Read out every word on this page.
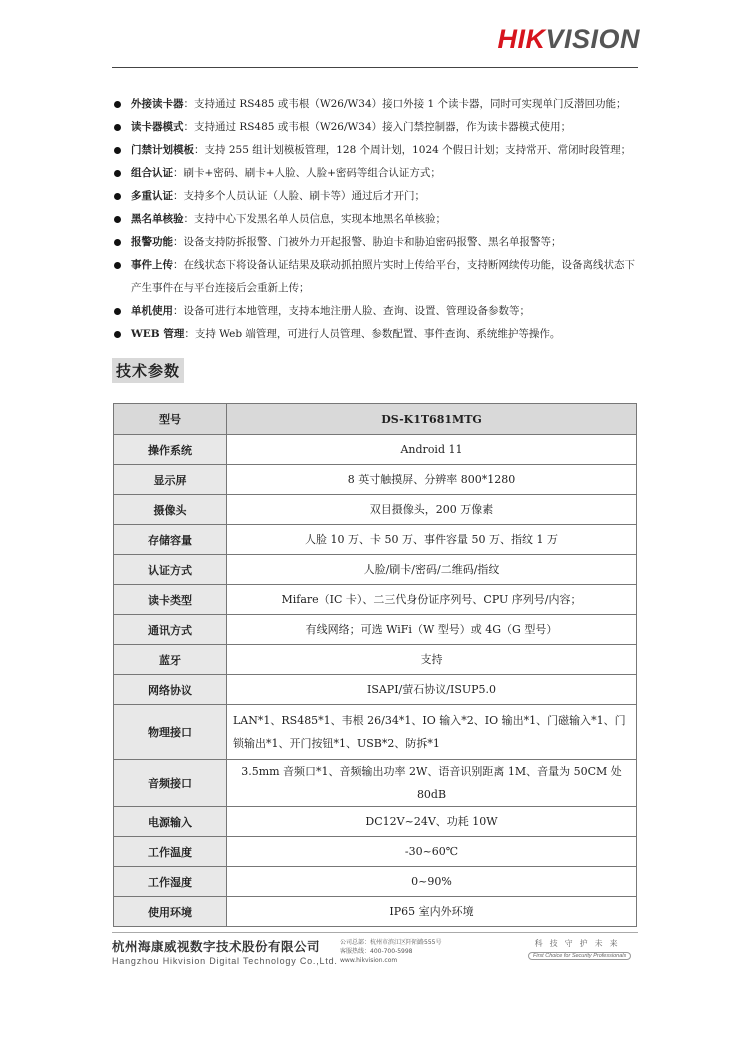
HIKVISION
外接读卡器：支持通过 RS485 或韦根（W26/W34）接口外接 1 个读卡器，同时可实现单门反潜回功能；
读卡器模式：支持通过 RS485 或韦根（W26/W34）接入门禁控制器，作为读卡器模式使用；
门禁计划模板：支持 255 组计划模板管理，128 个周计划，1024 个假日计划；支持常开、常闭时段管理；
组合认证：刷卡+密码、刷卡+人脸、人脸+密码等组合认证方式；
多重认证：支持多个人员认证（人脸、刷卡等）通过后才开门；
黑名单核验：支持中心下发黑名单人员信息，实现本地黑名单核验；
报警功能：设备支持防拆报警、门被外力开起报警、胁迫卡和胁迫密码报警、黑名单报警等；
事件上传：在线状态下将设备认证结果及联动抓拍照片实时上传给平台，支持断网续传功能，设备离线状态下产生事件在与平台连接后会重新上传；
单机使用：设备可进行本地管理，支持本地注册人脸、查询、设置、管理设备参数等；
WEB 管理：支持 Web 端管理，可进行人员管理、参数配置、事件查询、系统维护等操作。
技术参数
型号	DS-K1T681MTG
操作系统	Android 11
显示屏	8 英寸触摸屏、分辨率 800*1280
摄像头	双目摄像头，200 万像素
存储容量	人脸 10 万、卡 50 万、事件容量 50 万、指纹 1 万
认证方式	人脸/刷卡/密码/二维码/指纹
读卡类型	Mifare（IC 卡）、二三代身份证序列号、CPU 序列号/内容；
通讯方式	有线网络；可选 WiFi（W 型号）或 4G（G 型号）
蓝牙	支持
网络协议	ISAPI/萤石协议/ISUP5.0
物理接口	LAN*1、RS485*1、韦根 26/34*1、IO 输入*2、IO 输出*1、门磁输入*1、门锁输出*1、开门按钮*1、USB*2、防拆*1
音频接口	3.5mm 音频口*1、音频输出功率 2W、语音识别距离 1M、音量为 50CM 处 80dB
电源输入	DC12V~24V、功耗 10W
工作温度	-30~60℃
工作湿度	0~90%
使用环境	IP65 室内外环境
杭州海康威视数字技术股份有限公司
Hangzhou Hikvision Digital Technology Co.,Ltd.
公司总部：杭州市滨江区阡陌路555号
客服热线：400-700-5998
www.hikvision.com
科技守护未来
First Choice for Security Professionals
